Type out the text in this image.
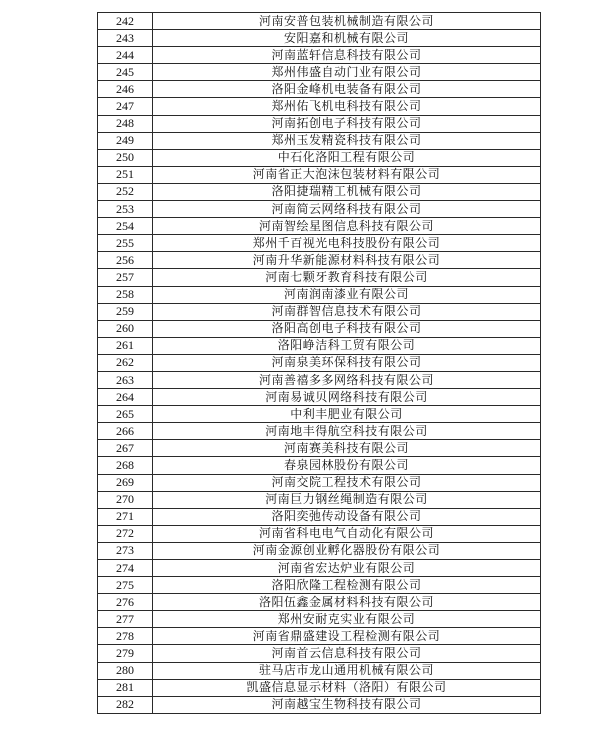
242	河南安普包装机械制造有限公司
243	安阳嘉和机械有限公司
244	河南蓝轩信息科技有限公司
245	郑州伟盛自动门业有限公司
246	洛阳金峰机电装备有限公司
247	郑州佑飞机电科技有限公司
248	河南拓创电子科技有限公司
249	郑州玉发精瓷科技有限公司
250	中石化洛阳工程有限公司
251	河南省正大泡沫包装材料有限公司
252	洛阳捷瑞精工机械有限公司
253	河南简云网络科技有限公司
254	河南智绘星图信息科技有限公司
255	郑州千百视光电科技股份有限公司
256	河南升华新能源材料科技有限公司
257	河南七颗牙教育科技有限公司
258	河南润南漆业有限公司
259	河南群智信息技术有限公司
260	洛阳高创电子科技有限公司
261	洛阳峥洁科工贸有限公司
262	河南泉美环保科技有限公司
263	河南善禧多多网络科技有限公司
264	河南易诚贝网络科技有限公司
265	中利丰肥业有限公司
266	河南地丰得航空科技有限公司
267	河南赛美科技有限公司
268	春泉园林股份有限公司
269	河南交院工程技术有限公司
270	河南巨力钢丝绳制造有限公司
271	洛阳奕弛传动设备有限公司
272	河南省科电电气自动化有限公司
273	河南金源创业孵化器股份有限公司
274	河南省宏达炉业有限公司
275	洛阳欣隆工程检测有限公司
276	洛阳伍鑫金属材料科技有限公司
277	郑州安耐克实业有限公司
278	河南省鼎盛建设工程检测有限公司
279	河南首云信息科技有限公司
280	驻马店市龙山通用机械有限公司
281	凯盛信息显示材料（洛阳）有限公司
282	河南越宝生物科技有限公司
